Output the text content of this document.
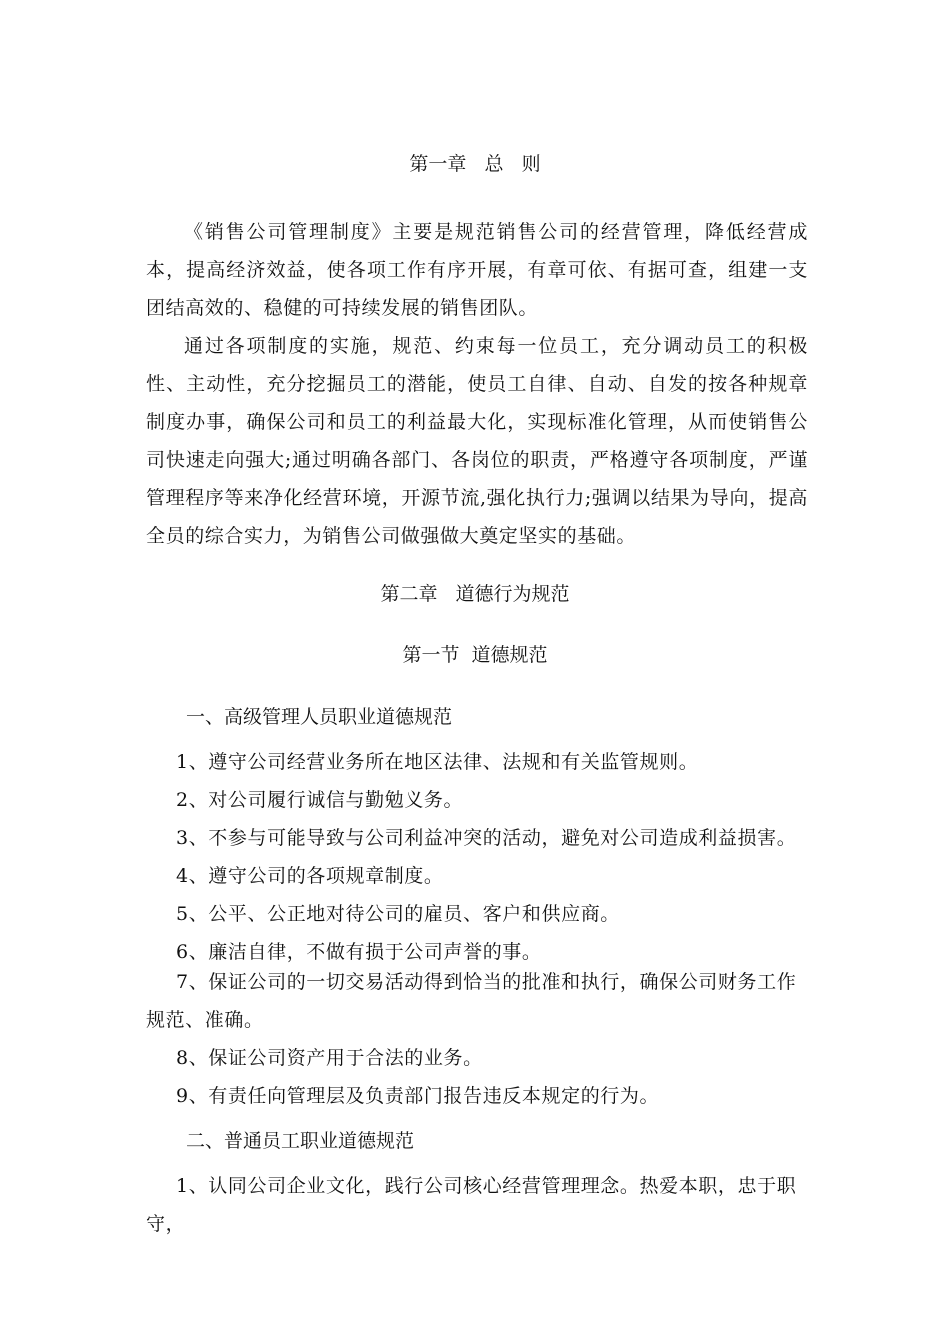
第一章   总   则
《销售公司管理制度》主要是规范销售公司的经营管理，降低经营成本，提高经济效益，使各项工作有序开展，有章可依、有据可查，组建一支团结高效的、稳健的可持续发展的销售团队。
通过各项制度的实施，规范、约束每一位员工，充分调动员工的积极性、主动性，充分挖掘员工的潜能，使员工自律、自动、自发的按各种规章制度办事，确保公司和员工的利益最大化，实现标准化管理，从而使销售公司快速走向强大;通过明确各部门、各岗位的职责，严格遵守各项制度，严谨管理程序等来净化经营环境，开源节流,强化执行力;强调以结果为导向，提高全员的综合实力，为销售公司做强做大奠定坚实的基础。
第二章   道德行为规范
第一节  道德规范
一、高级管理人员职业道德规范
1、遵守公司经营业务所在地区法律、法规和有关监管规则。
2、对公司履行诚信与勤勉义务。
3、不参与可能导致与公司利益冲突的活动，避免对公司造成利益损害。
4、遵守公司的各项规章制度。
5、公平、公正地对待公司的雇员、客户和供应商。
6、廉洁自律，不做有损于公司声誉的事。
7、保证公司的一切交易活动得到恰当的批准和执行，确保公司财务工作规范、准确。
8、保证公司资产用于合法的业务。
9、有责任向管理层及负责部门报告违反本规定的行为。
二、普通员工职业道德规范
1、认同公司企业文化，践行公司核心经营管理理念。热爱本职，忠于职守，
